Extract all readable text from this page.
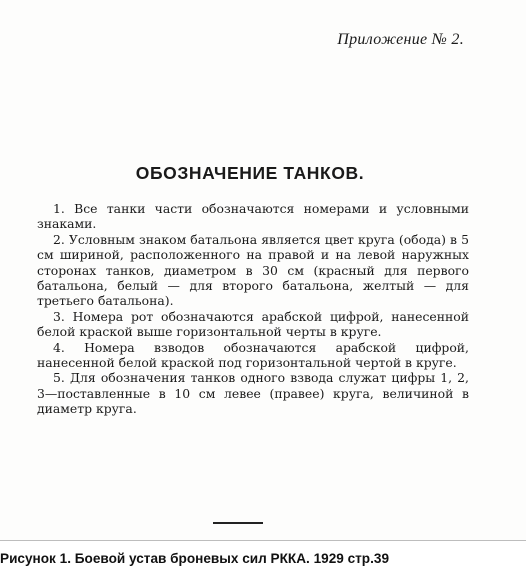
Приложение № 2.
ОБОЗНАЧЕНИЕ ТАНКОВ.

1. Все танки части обозначаются номерами и условными знаками.

2. Условным знаком батальона является цвет круга (обода) в 5 см шириной, расположенного на правой и на левой наружных сторонах танков, диаметром в 30 см (красный для первого батальона, белый — для второго батальона, желтый — для третьего батальона).

3. Номера рот обозначаются арабской цифрой, нанесенной белой краской выше горизонтальной черты в круге.

4. Номера взводов обозначаются арабской цифрой, нанесенной белой краской под горизонтальной чертой в круге.

5. Для обозначения танков одного взвода служат цифры 1, 2, 3—поставленные в 10 см левее (правее) круга, величиной в диаметр круга.

Рисунок 1. Боевой устав броневых сил РККА. 1929 стр.39
